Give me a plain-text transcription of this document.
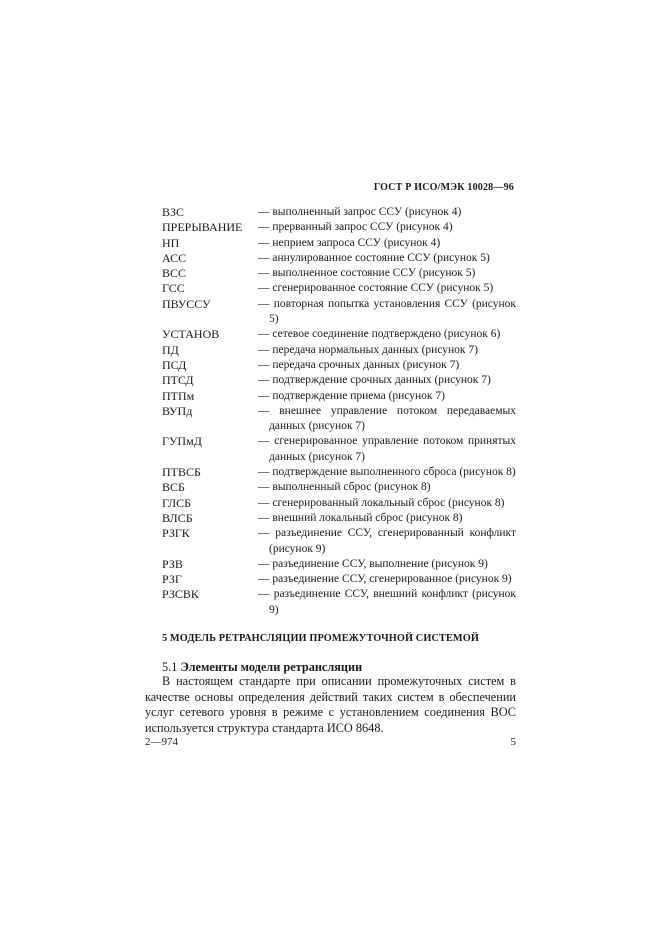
ГОСТ Р ИСО/МЭК 10028—96
ВЗС	— выполненный запрос ССУ (рисунок 4)
ПРЕРЫВАНИЕ	— прерванный запрос ССУ (рисунок 4)
НП	— неприем запроса ССУ (рисунок 4)
АСС	— аннулированное состояние ССУ (рисунок 5)
ВСС	— выполненное состояние ССУ (рисунок 5)
ГСС	— сгенерированное состояние ССУ (рисунок 5)
ПВУССУ	— повторная попытка установления ССУ (рисунок 5)
УСТАНОВ	— сетевое соединение подтверждено (рисунок 6)
ПД	— передача нормальных данных (рисунок 7)
ПСД	— передача срочных данных (рисунок 7)
ПТСД	— подтверждение срочных данных (рисунок 7)
ПТПм	— подтверждение приема (рисунок 7)
ВУПд	— внешнее управление потоком передаваемых данных (рисунок 7)
ГУПмД	— сгенерированное управление потоком принятых данных (рисунок 7)
ПТВСБ	— подтверждение выполненного сброса (рисунок 8)
ВСБ	— выполненный сброс (рисунок 8)
ГЛСБ	— сгенерированный локальный сброс (рисунок 8)
ВЛСБ	— внешний локальный сброс (рисунок 8)
РЗГК	— разъединение ССУ, сгенерированный конфликт (рисунок 9)
РЗВ	— разъединение ССУ, выполнение (рисунок 9)
РЗГ	— разъединение ССУ, сгенерированное (рисунок 9)
РЗСВК	— разъединение ССУ, внешний конфликт (рисунок 9)
5 МОДЕЛЬ РЕТРАНСЛЯЦИИ ПРОМЕЖУТОЧНОЙ СИСТЕМОЙ
5.1 Элементы модели ретрансляции
В настоящем стандарте при описании промежуточных систем в качестве основы определения действий таких систем в обеспечении услуг сетевого уровня в режиме с установлением соединения ВОС используется структура стандарта ИСО 8648.
2—974	5
